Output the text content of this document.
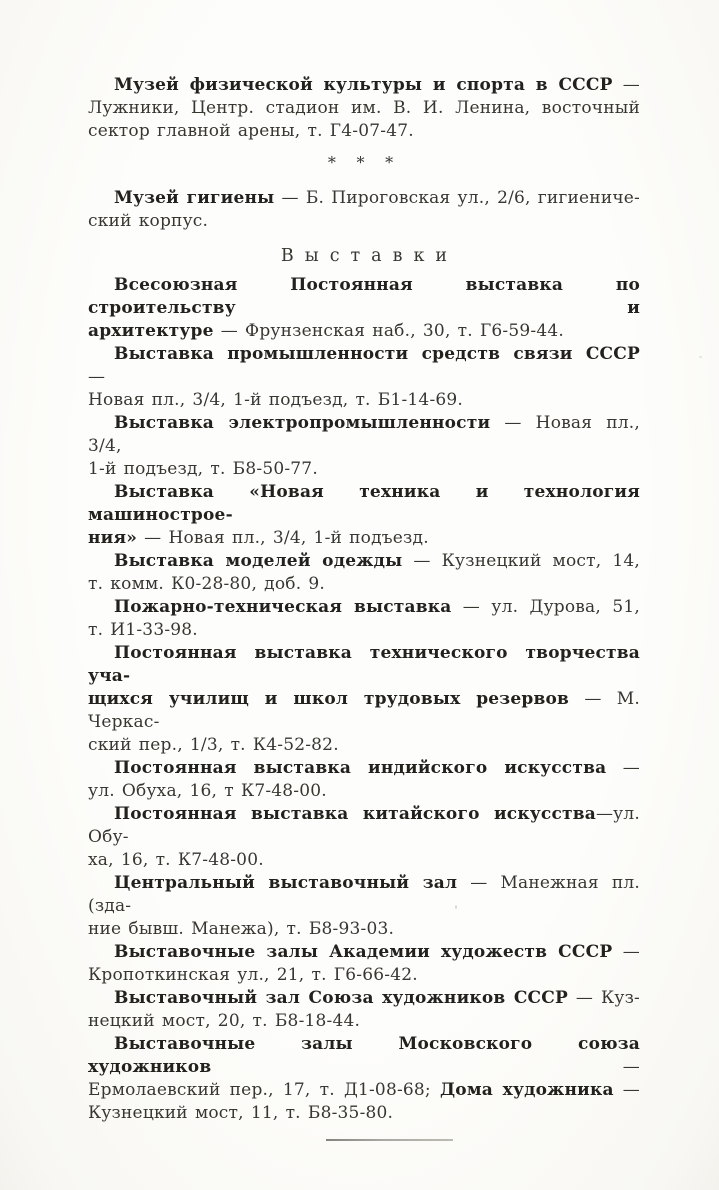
Музей физической культуры и спорта в СССР —
Лужники, Центр. стадион им. В. И. Ленина, восточный
сектор главной арены, т. Г4-07-47.
* * *
Музей гигиены — Б. Пироговская ул., 2/6, гигиениче-
ский корпус.
Выставки
Всесоюзная Постоянная выставка по строительству и
архитектуре — Фрунзенская наб., 30, т. Г6-59-44.
Выставка промышленности средств связи СССР —
Новая пл., 3/4, 1-й подъезд, т. Б1-14-69.
Выставка электропромышленности — Новая пл., 3/4,
1-й подъезд, т. Б8-50-77.
Выставка «Новая техника и технология машинострое-
ния» — Новая пл., 3/4, 1-й подъезд.
Выставка моделей одежды — Кузнецкий мост, 14,
т. комм. К0-28-80, доб. 9.
Пожарно-техническая выставка — ул. Дурова, 51,
т. И1-33-98.
Постоянная выставка технического творчества уча-
щихся училищ и школ трудовых резервов — М. Черкас-
ский пер., 1/3, т. К4-52-82.
Постоянная выставка индийского искусства —
ул. Обуха, 16, т К7-48-00.
Постоянная выставка китайского искусства—ул. Обу-
ха, 16, т. К7-48-00.
Центральный выставочный зал — Манежная пл. (зда-
ние бывш. Манежа), т. Б8-93-03.
Выставочные залы Академии художеств СССР —
Кропоткинская ул., 21, т. Г6-66-42.
Выставочный зал Союза художников СССР — Куз-
нецкий мост, 20, т. Б8-18-44.
Выставочные залы Московского союза художников —
Ермолаевский пер., 17, т. Д1-08-68; Дома художника —
Кузнецкий мост, 11, т. Б8-35-80.
